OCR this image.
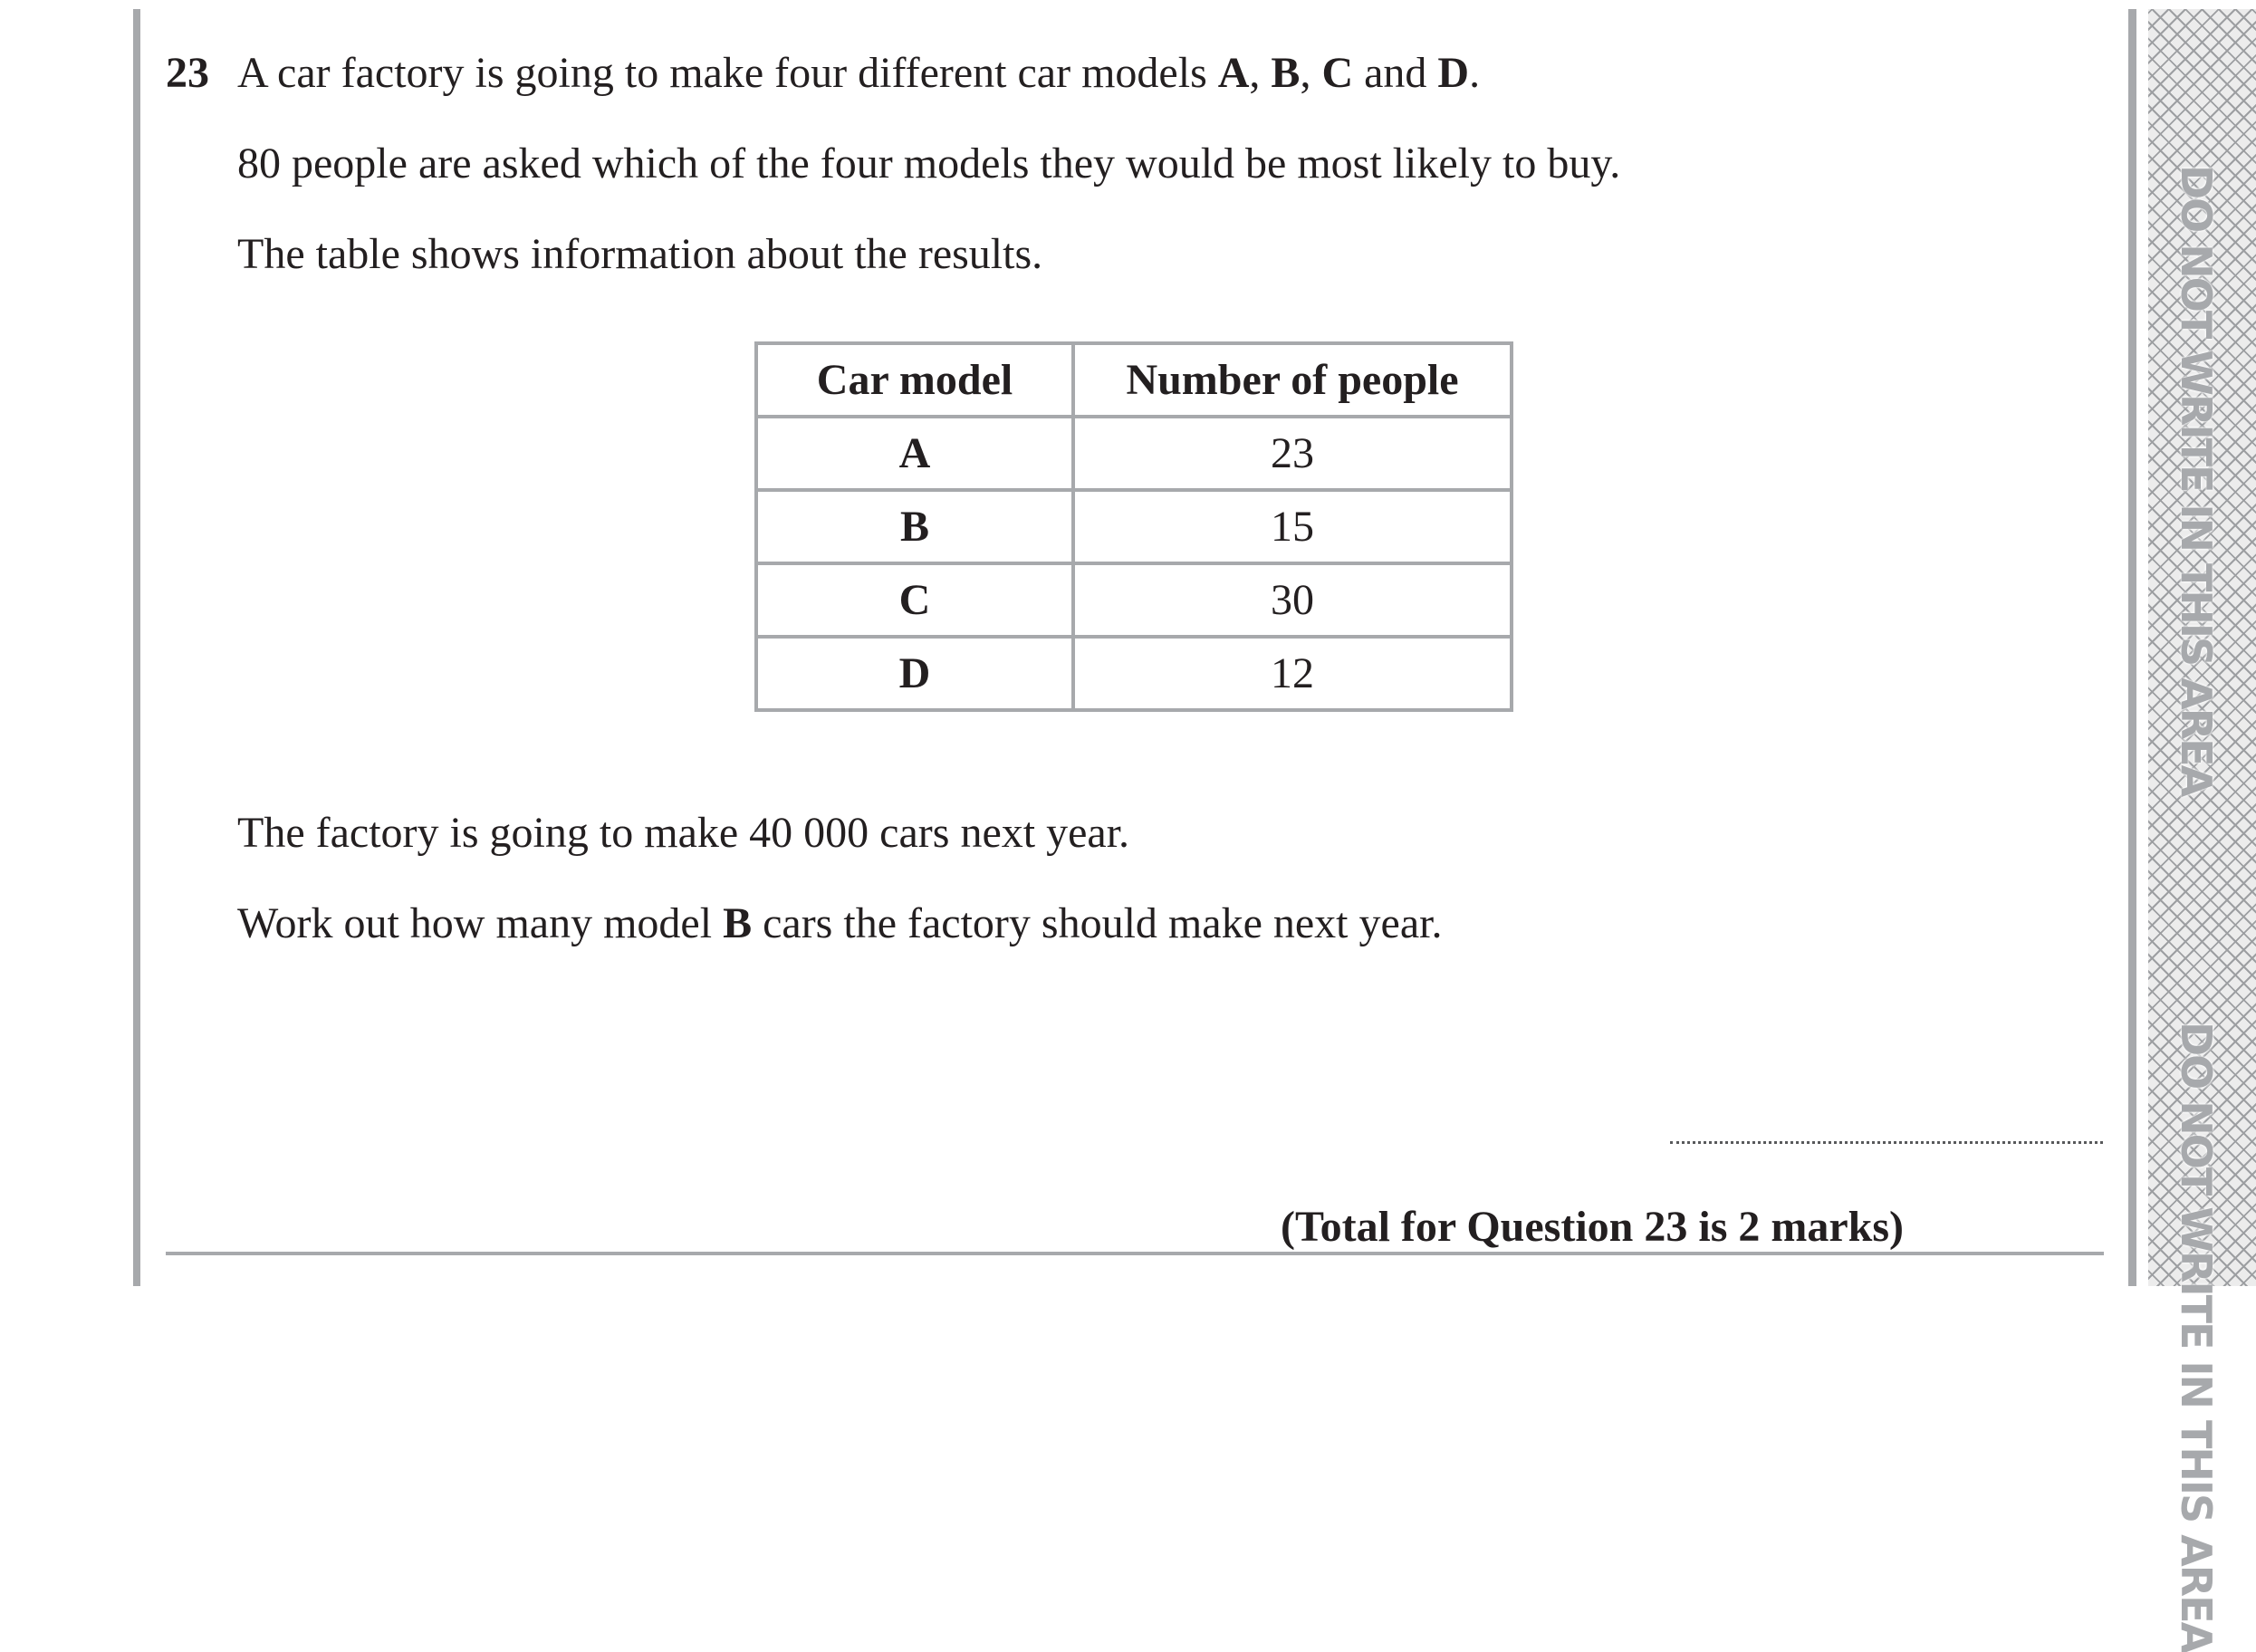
23 A car factory is going to make four different car models A, B, C and D.
80 people are asked which of the four models they would be most likely to buy.
The table shows information about the results.
Car model	Number of people
A	23
B	15
C	30
D	12
The factory is going to make 40 000 cars next year.
Work out how many model B cars the factory should make next year.
(Total for Question 23 is 2 marks)
DO NOT WRITE IN THIS AREA
DO NOT WRITE IN THIS AREA
